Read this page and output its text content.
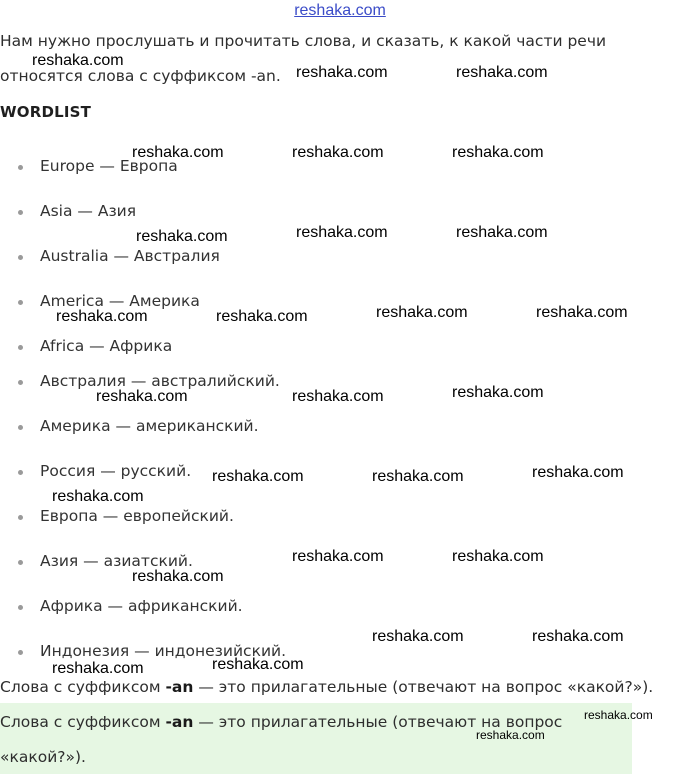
reshaka.com
Нам нужно прослушать и прочитать слова, и сказать, к какой части речи
относятся слова с суффиксом -an.
WORDLIST
Europe — Европа
Asia — Азия
Australia — Австралия
America — Америка
Africa — Африка
Австралия — австралийский.
Америка — американский.
Россия — русский.
Европа — европейский.
Азия — азиатский.
Африка — африканский.
Индонезия — индонезийский.
Слова с суффиксом -an — это прилагательные (отвечают на вопрос «какой?»).
Слова с суффиксом -an — это прилагательные (отвечают на вопрос
«какой?»).
reshaka.com
reshaka.com	reshaka.com
reshaka.com	reshaka.com	reshaka.com
reshaka.com	reshaka.com
reshaka.com
reshaka.com	reshaka.com
reshaka.com	reshaka.com
reshaka.com
reshaka.com	reshaka.com
reshaka.com
reshaka.com	reshaka.com
reshaka.com
reshaka.com	reshaka.com
reshaka.com
reshaka.com	reshaka.com
reshaka.com
reshaka.com
reshaka.com
reshaka.com
